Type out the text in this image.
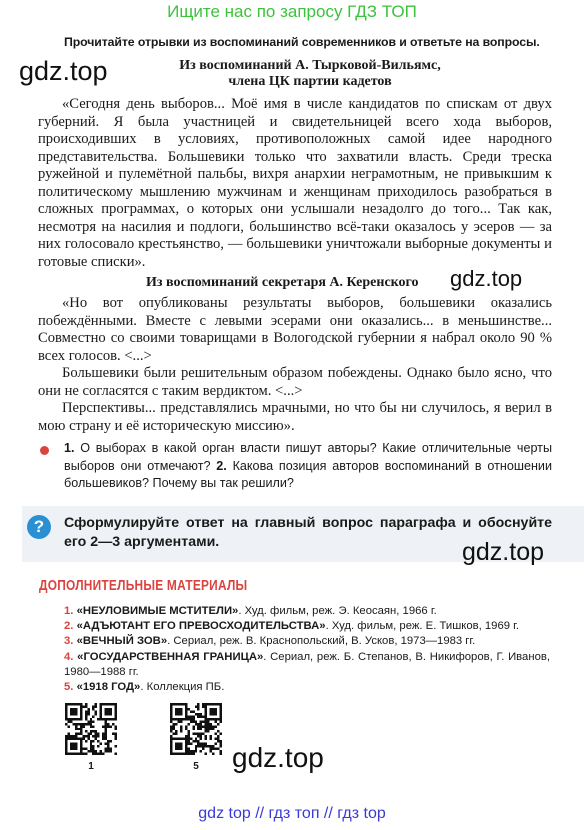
Ищите нас по запросу ГДЗ ТОП
Прочитайте отрывки из воспоминаний современников и ответьте на вопросы.
gdz.top	Из воспоминаний А. Тырковой-Вильямс,
члена ЦК партии кадетов

«Сегодня день выборов... Моё имя в числе кандидатов по спискам от двух губерний. Я была участницей и свидетельницей всего хода выборов, происходивших в условиях, противоположных самой идее народного представительства. Большевики только что захватили власть. Среди треска ружейной и пулемётной пальбы, вихря анархии неграмотным, не привыкшим к политическому мышлению мужчинам и женщинам приходилось разобраться в сложных программах, о которых они услышали незадолго до того... Так как, несмотря на насилия и подлоги, большинство всё-таки оказалось у эсеров — за них голосовало крестьянство, — большевики уничтожали выборные документы и готовые списки».

Из воспоминаний секретаря А. Керенского gdz.top

«Но вот опубликованы результаты выборов, большевики оказались побеждёнными. Вместе с левыми эсерами они оказались... в меньшинстве... Совместно со своими товарищами в Вологодской губернии я набрал около 90 % всех голосов. <...>

Большевики были решительным образом побеждены. Однако было ясно, что они не согласятся с таким вердиктом. <...>

Перспективы... представлялись мрачными, но что бы ни случилось, я верил в мою страну и её историческую миссию».

1. О выборах в какой орган власти пишут авторы? Какие отличительные черты выборов они отмечают? 2. Какова позиция авторов воспоминаний в отношении большевиков? Почему вы так решили?
?	Сформулируйте ответ на главный вопрос параграфа и обоснуйте его 2—3 аргументами.	gdz.top
ДОПОЛНИТЕЛЬНЫЕ МАТЕРИАЛЫ
1. «НЕУЛОВИМЫЕ МСТИТЕЛИ». Худ. фильм, реж. Э. Кеосаян, 1966 г.
2. «АДЪЮТАНТ ЕГО ПРЕВОСХОДИТЕЛЬСТВА». Худ. фильм, реж. Е. Тишков, 1969 г.
3. «ВЕЧНЫЙ ЗОВ». Сериал, реж. В. Краснопольский, В. Усков, 1973—1983 гг.
4. «ГОСУДАРСТВЕННАЯ ГРАНИЦА». Сериал, реж. Б. Степанов, В. Никифоров, Г. Иванов, 1980—1988 гг.
5. «1918 ГОД». Коллекция ПБ.
1	5	gdz.top
gdz top // гдз топ // гдз top
